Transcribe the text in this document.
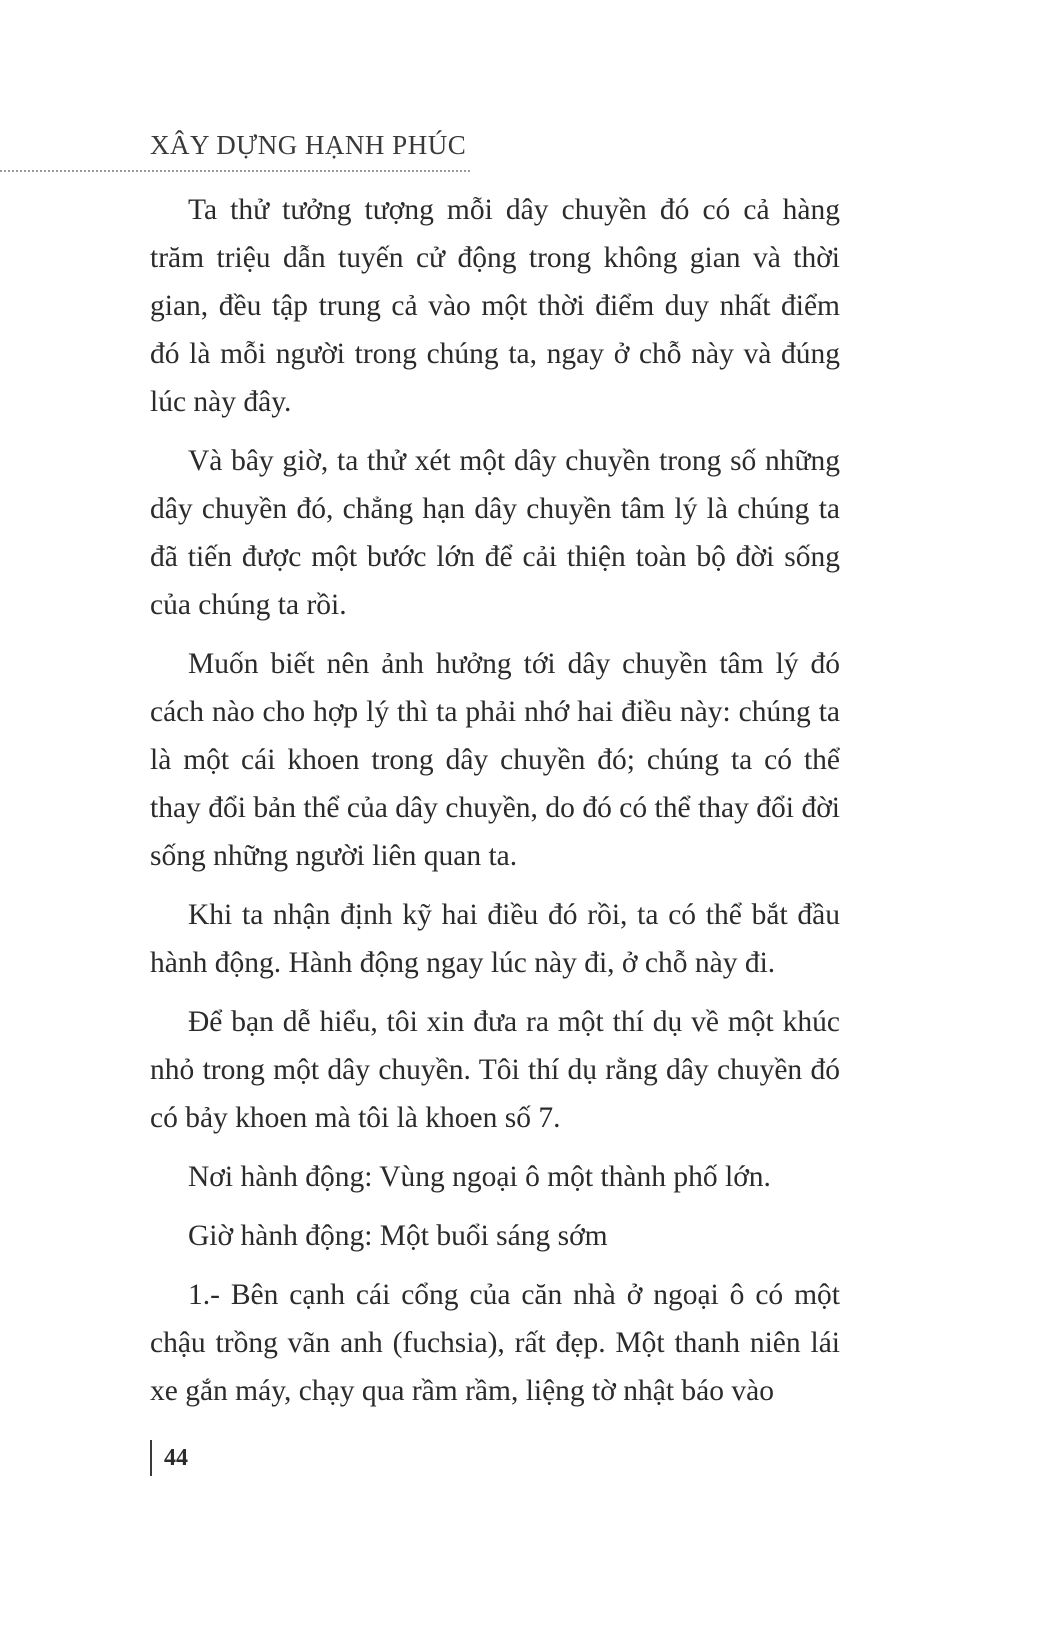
XÂY DỰNG HẠNH PHÚC

Ta thử tưởng tượng mỗi dây chuyền đó có cả hàng trăm triệu dẫn tuyến cử động trong không gian và thời gian, đều tập trung cả vào một thời điểm duy nhất điểm đó là mỗi người trong chúng ta, ngay ở chỗ này và đúng lúc này đây.

Và bây giờ, ta thử xét một dây chuyền trong số những dây chuyền đó, chẳng hạn dây chuyền tâm lý là chúng ta đã tiến được một bước lớn để cải thiện toàn bộ đời sống của chúng ta rồi.

Muốn biết nên ảnh hưởng tới dây chuyền tâm lý đó cách nào cho hợp lý thì ta phải nhớ hai điều này: chúng ta là một cái khoen trong dây chuyền đó; chúng ta có thể thay đổi bản thể của dây chuyền, do đó có thể thay đổi đời sống những người liên quan ta.

Khi ta nhận định kỹ hai điều đó rồi, ta có thể bắt đầu hành động. Hành động ngay lúc này đi, ở chỗ này đi.

Để bạn dễ hiểu, tôi xin đưa ra một thí dụ về một khúc nhỏ trong một dây chuyền. Tôi thí dụ rằng dây chuyền đó có bảy khoen mà tôi là khoen số 7.

Nơi hành động: Vùng ngoại ô một thành phố lớn.

Giờ hành động: Một buổi sáng sớm

1.- Bên cạnh cái cổng của căn nhà ở ngoại ô có một chậu trồng vãn anh (fuchsia), rất đẹp. Một thanh niên lái xe gắn máy, chạy qua rầm rầm, liệng tờ nhật báo vào

44
